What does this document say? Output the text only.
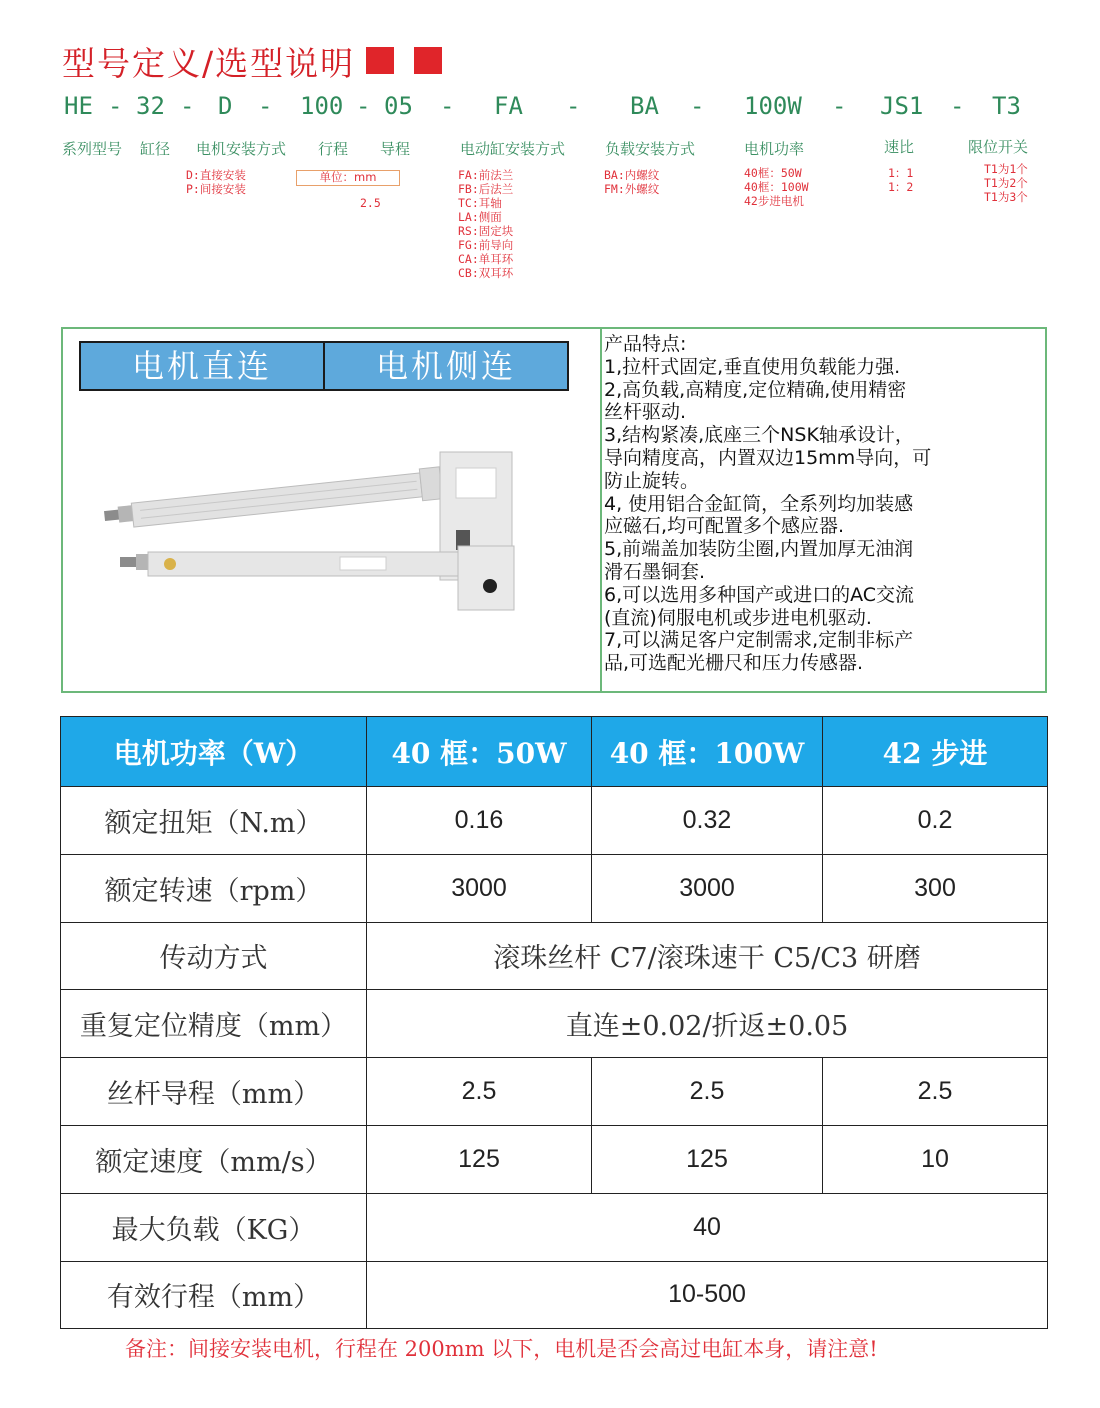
型号定义/选型说明
HE - 32 - D - 100 - 05 - FA - BA - 100W - JS1 - T3
系列型号 缸径 电机安装方式 行程 导程	电动缸安装方式	负载安装方式	电机功率	速比	限位开关
D:直接安装
P:间接安装
单位：mm
2.5
FA:前法兰
FB:后法兰
TC:耳轴
LA:侧面
RS:固定块
FG:前导向
CA:单耳环
CB:双耳环
BA:内螺纹
FM:外螺纹
40框：50W
40框：100W
42步进电机
1：1
1：2
T1为1个
T1为2个
T1为3个
电机直连	电机侧连
产品特点:
1,拉杆式固定,垂直使用负载能力强.
2,高负载,高精度,定位精确,使用精密
丝杆驱动.
3,结构紧凑,底座三个NSK轴承设计，
导向精度高，内置双边15mm导向，可
防止旋转。
4, 使用铝合金缸筒，全系列均加装感
应磁石,均可配置多个感应器.
5,前端盖加装防尘圈,内置加厚无油润
滑石墨铜套.
6,可以选用多种国产或进口的AC交流
(直流)伺服电机或步进电机驱动.
7,可以满足客户定制需求,定制非标产
品,可选配光栅尺和压力传感器.
电机功率（W）	40 框：50W	40 框：100W	42 步进
额定扭矩（N.m）	0.16	0.32	0.2
额定转速（rpm）	3000	3000	300
传动方式	滚珠丝杆 C7/滚珠速干 C5/C3 研磨		
重复定位精度（mm）	直连±0.02/折返±0.05		
丝杆导程（mm）	2.5	2.5	2.5
额定速度（mm/s）	125	125	10
最大负载（KG）	40		
有效行程（mm）	10-500		
备注：间接安装电机，行程在 200mm 以下，电机是否会高过电缸本身，请注意!
